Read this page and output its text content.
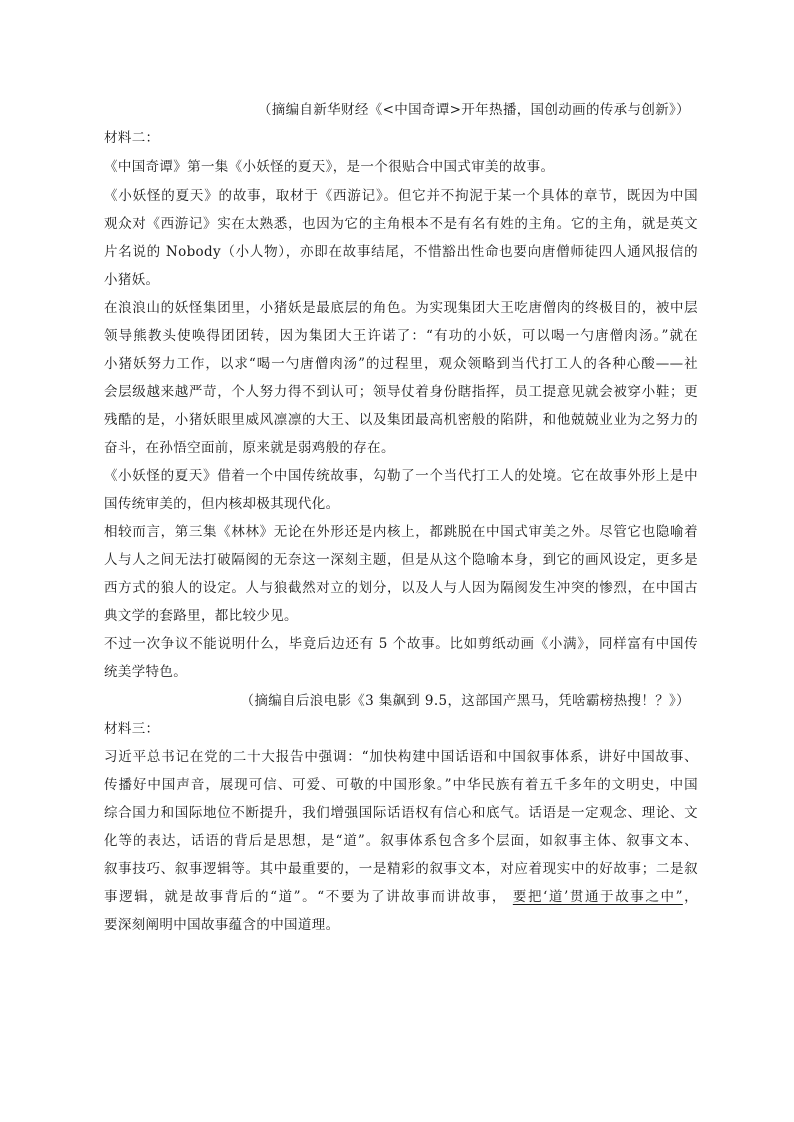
（摘编自新华财经《<中国奇谭>开年热播，国创动画的传承与创新》）
材料二：
《中国奇谭》第一集《小妖怪的夏天》，是一个很贴合中国式审美的故事。
《小妖怪的夏天》的故事，取材于《西游记》。但它并不拘泥于某一个具体的章节，既因为中国
观众对《西游记》实在太熟悉，也因为它的主角根本不是有名有姓的主角。它的主角，就是英文
片名说的 Nobody（小人物），亦即在故事结尾，不惜豁出性命也要向唐僧师徒四人通风报信的
小猪妖。
在浪浪山的妖怪集团里，小猪妖是最底层的角色。为实现集团大王吃唐僧肉的终极目的，被中层
领导熊教头使唤得团团转，因为集团大王许诺了：“有功的小妖，可以喝一勺唐僧肉汤。”就在
小猪妖努力工作，以求“喝一勺唐僧肉汤”的过程里，观众领略到当代打工人的各种心酸——社
会层级越来越严苛，个人努力得不到认可；领导仗着身份瞎指挥，员工提意见就会被穿小鞋；更
残酷的是，小猪妖眼里威风凛凛的大王、以及集团最高机密般的陷阱，和他兢兢业业为之努力的
奋斗，在孙悟空面前，原来就是弱鸡般的存在。
《小妖怪的夏天》借着一个中国传统故事，勾勒了一个当代打工人的处境。它在故事外形上是中
国传统审美的，但内核却极其现代化。
相较而言，第三集《林林》无论在外形还是内核上，都跳脱在中国式审美之外。尽管它也隐喻着
人与人之间无法打破隔阂的无奈这一深刻主题，但是从这个隐喻本身，到它的画风设定，更多是
西方式的狼人的设定。人与狼截然对立的划分，以及人与人因为隔阂发生冲突的惨烈，在中国古
典文学的套路里，都比较少见。
不过一次争议不能说明什么，毕竟后边还有 5 个故事。比如剪纸动画《小满》，同样富有中国传
统美学特色。
（摘编自后浪电影《3 集飙到 9.5，这部国产黑马，凭啥霸榜热搜！？》）
材料三：
习近平总书记在党的二十大报告中强调：“加快构建中国话语和中国叙事体系，讲好中国故事、
传播好中国声音，展现可信、可爱、可敬的中国形象。”中华民族有着五千多年的文明史，中国
综合国力和国际地位不断提升，我们增强国际话语权有信心和底气。话语是一定观念、理论、文
化等的表达，话语的背后是思想，是“道”。叙事体系包含多个层面，如叙事主体、叙事文本、
叙事技巧、叙事逻辑等。其中最重要的，一是精彩的叙事文本，对应着现实中的好故事；二是叙
事逻辑，就是故事背后的“道”。“不要为了讲故事而讲故事， 要把‘道’贯通于故事之中”，
要深刻阐明中国故事蕴含的中国道理。
